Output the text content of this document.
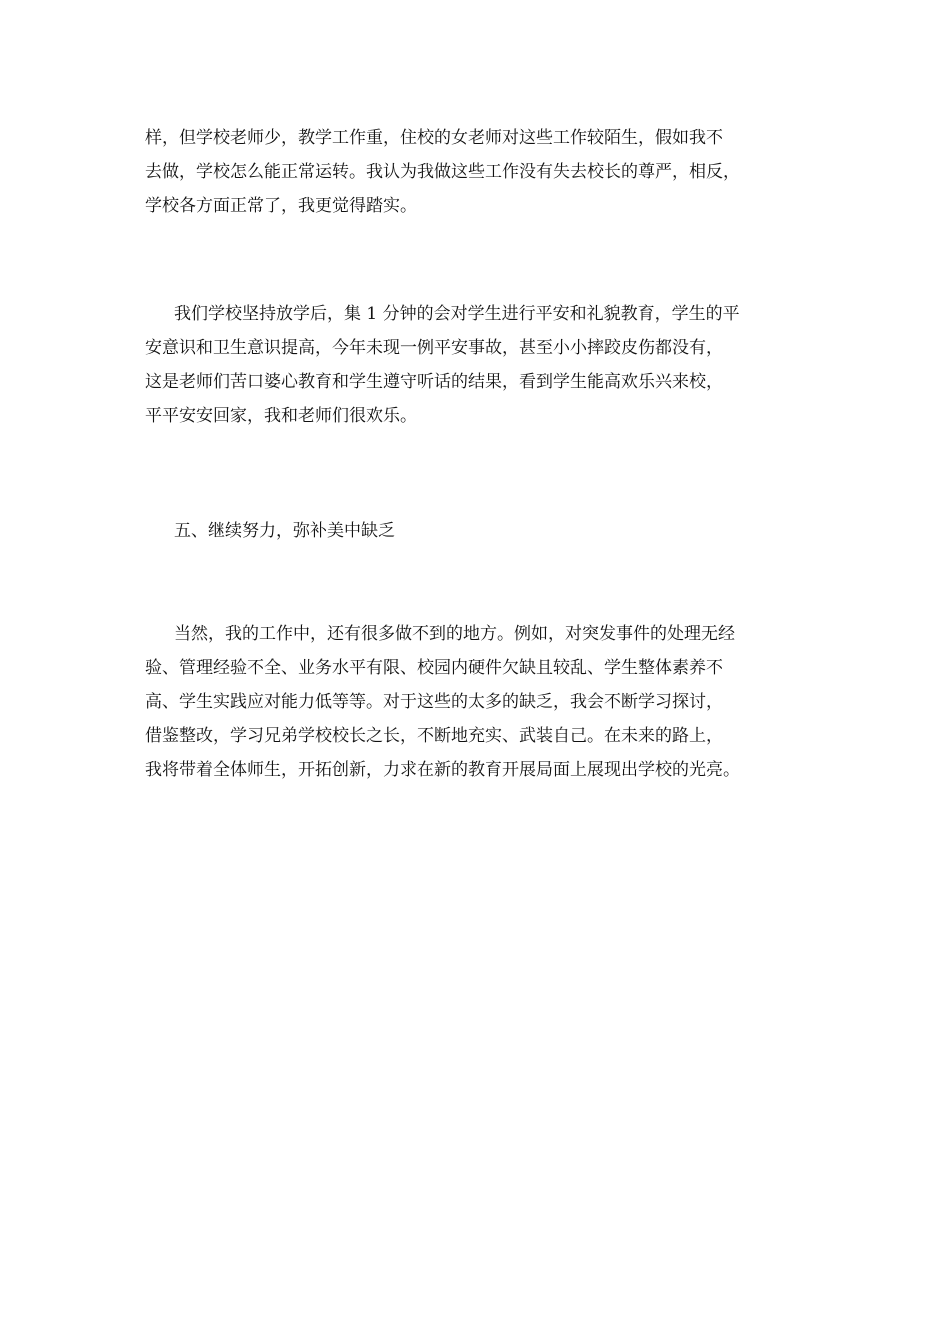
样，但学校老师少，教学工作重，住校的女老师对这些工作较陌生，假如我不
去做，学校怎么能正常运转。我认为我做这些工作没有失去校长的尊严，相反，
学校各方面正常了，我更觉得踏实。
我们学校坚持放学后，集 1 分钟的会对学生进行平安和礼貌教育，学生的平
安意识和卫生意识提高，今年未现一例平安事故，甚至小小摔跤皮伤都没有，
这是老师们苦口婆心教育和学生遵守听话的结果，看到学生能高欢乐兴来校，
平平安安回家，我和老师们很欢乐。
五、继续努力，弥补美中缺乏
当然，我的工作中，还有很多做不到的地方。例如，对突发事件的处理无经
验、管理经验不全、业务水平有限、校园内硬件欠缺且较乱、学生整体素养不
高、学生实践应对能力低等等。对于这些的太多的缺乏，我会不断学习探讨，
借鉴整改，学习兄弟学校校长之长，不断地充实、武装自己。在未来的路上，
我将带着全体师生，开拓创新，力求在新的教育开展局面上展现出学校的光亮。
